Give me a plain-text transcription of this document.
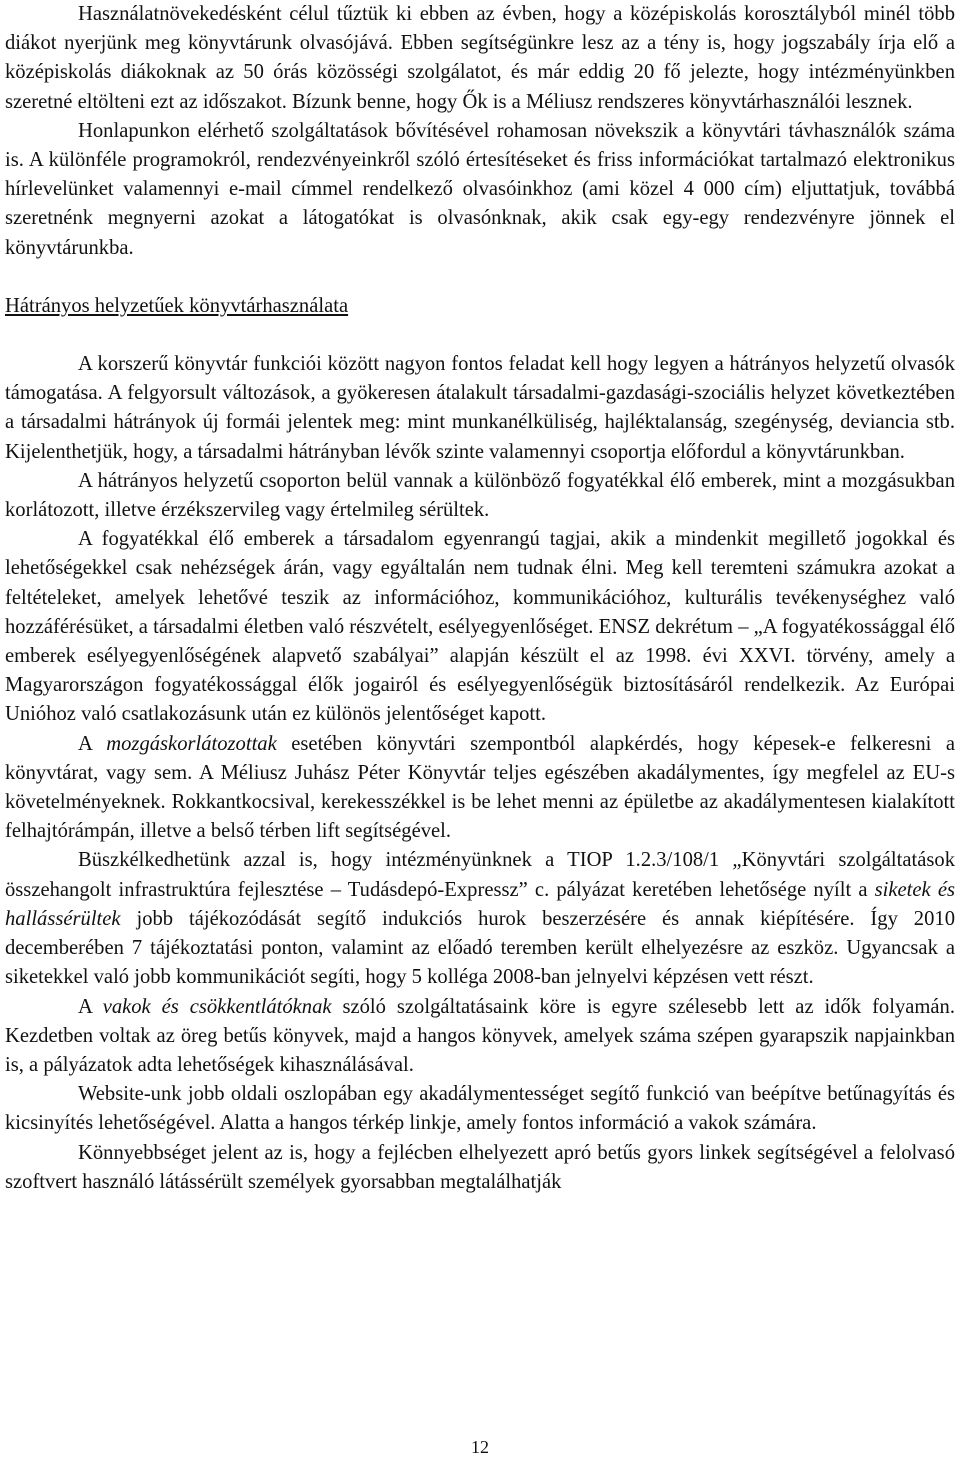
Használatnövekedésként célul tűztük ki ebben az évben, hogy a középiskolás korosztályból minél több diákot nyerjünk meg könyvtárunk olvasójává. Ebben segítségünkre lesz az a tény is, hogy jogszabály írja elő a középiskolás diákoknak az 50 órás közösségi szolgálatot, és már eddig 20 fő jelezte, hogy intézményünkben szeretné eltölteni ezt az időszakot. Bízunk benne, hogy Ők is a Méliusz rendszeres könyvtárhasználói lesznek.

Honlapunkon elérhető szolgáltatások bővítésével rohamosan növekszik a könyvtári távhasználók száma is. A különféle programokról, rendezvényeinkről szóló értesítéseket és friss információkat tartalmazó elektronikus hírlevelünket valamennyi e-mail címmel rendelkező olvasóinkhoz (ami közel 4 000 cím) eljuttatjuk, továbbá szeretnénk megnyerni azokat a látogatókat is olvasónknak, akik csak egy-egy rendezvényre jönnek el könyvtárunkba.

Hátrányos helyzetűek könyvtárhasználata

A korszerű könyvtár funkciói között nagyon fontos feladat kell hogy legyen a hátrányos helyzetű olvasók támogatása. A felgyorsult változások, a gyökeresen átalakult társadalmi-gazdasági-szociális helyzet következtében a társadalmi hátrányok új formái jelentek meg: mint munkanélküliség, hajléktalanság, szegénység, deviancia stb. Kijelenthetjük, hogy, a társadalmi hátrányban lévők szinte valamennyi csoportja előfordul a könyvtárunkban.

A hátrányos helyzetű csoporton belül vannak a különböző fogyatékkal élő emberek, mint a mozgásukban korlátozott, illetve érzékszervileg vagy értelmileg sérültek.

A fogyatékkal élő emberek a társadalom egyenrangú tagjai, akik a mindenkit megillető jogokkal és lehetőségekkel csak nehézségek árán, vagy egyáltalán nem tudnak élni. Meg kell teremteni számukra azokat a feltételeket, amelyek lehetővé teszik az információhoz, kommunikációhoz, kulturális tevékenységhez való hozzáférésüket, a társadalmi életben való részvételt, esélyegyenlőséget. ENSZ dekrétum – „A fogyatékossággal élő emberek esélyegyenlőségének alapvető szabályai” alapján készült el az 1998. évi XXVI. törvény, amely a Magyarországon fogyatékossággal élők jogairól és esélyegyenlőségük biztosításáról rendelkezik. Az Európai Unióhoz való csatlakozásunk után ez különös jelentőséget kapott.

A mozgáskorlátozottak esetében könyvtári szempontból alapkérdés, hogy képesek-e felkeresni a könyvtárat, vagy sem. A Méliusz Juhász Péter Könyvtár teljes egészében akadálymentes, így megfelel az EU-s követelményeknek. Rokkantkocsival, kerekesszékkel is be lehet menni az épületbe az akadálymentesen kialakított felhajtórámpán, illetve a belső térben lift segítségével.

Büszkélkedhetünk azzal is, hogy intézményünknek a TIOP 1.2.3/108/1 „Könyvtári szolgáltatások összehangolt infrastruktúra fejlesztése – Tudásdepó-Expressz” c. pályázat keretében lehetősége nyílt a siketek és hallássérültek jobb tájékozódását segítő indukciós hurok beszerzésére és annak kiépítésére. Így 2010 decemberében 7 tájékoztatási ponton, valamint az előadó teremben került elhelyezésre az eszköz. Ugyancsak a siketekkel való jobb kommunikációt segíti, hogy 5 kolléga 2008-ban jelnyelvi képzésen vett részt.

A vakok és csökkentlátóknak szóló szolgáltatásaink köre is egyre szélesebb lett az idők folyamán. Kezdetben voltak az öreg betűs könyvek, majd a hangos könyvek, amelyek száma szépen gyarapszik napjainkban is, a pályázatok adta lehetőségek kihasználásával.

Website-unk jobb oldali oszlopában egy akadálymentességet segítő funkció van beépítve betűnagyítás és kicsinyítés lehetőségével. Alatta a hangos térkép linkje, amely fontos információ a vakok számára.

Könnyebbséget jelent az is, hogy a fejlécben elhelyezett apró betűs gyors linkek segítségével a felolvasó szoftvert használó látássérült személyek gyorsabban megtalálhatják

12
